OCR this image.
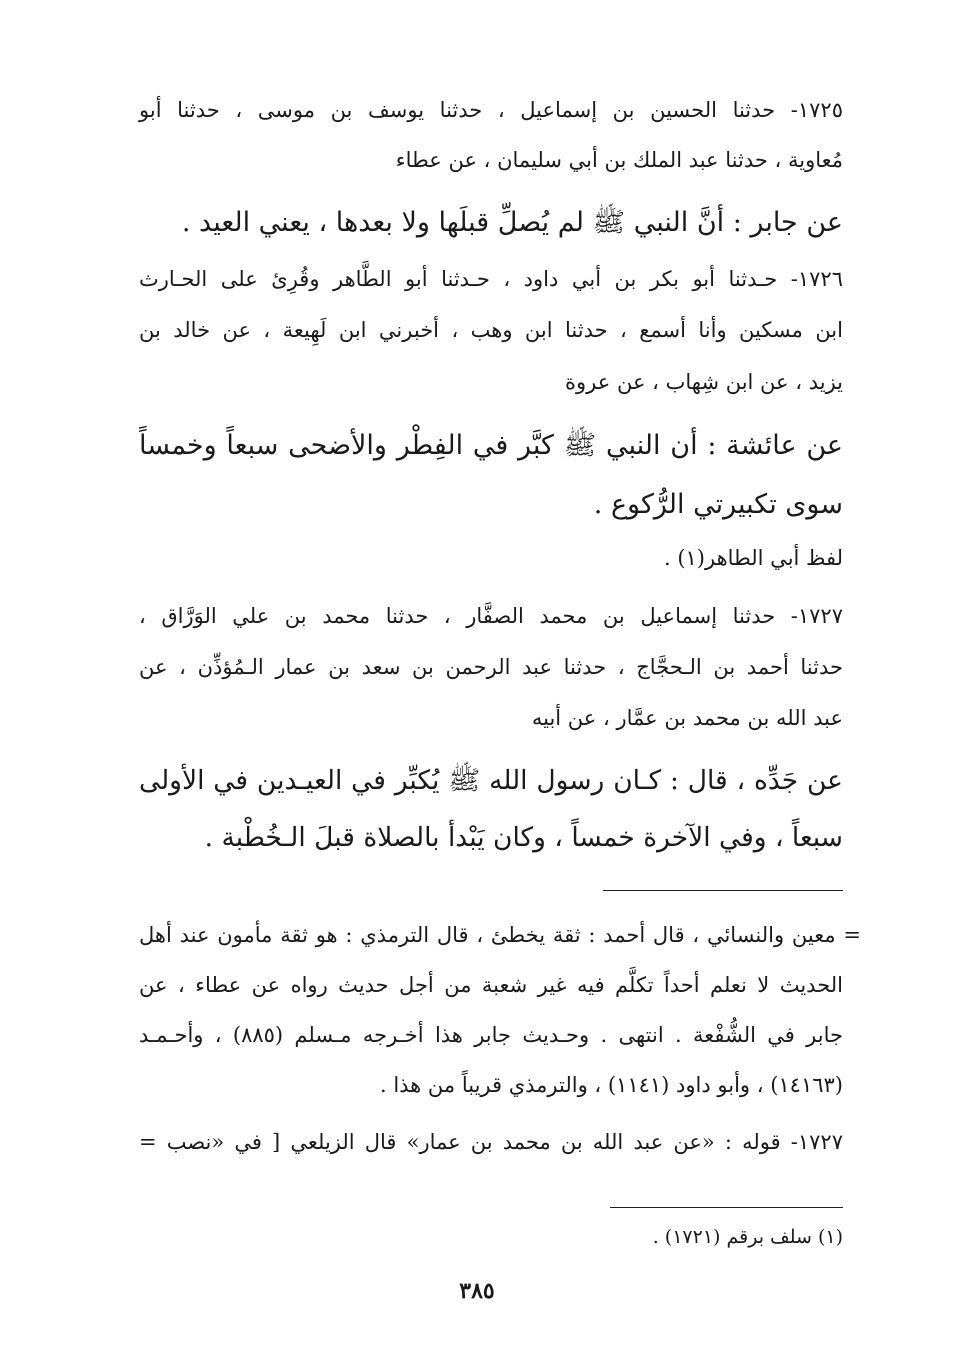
١٧٢٥- حدثنا الحسين بن إسماعيل ، حدثنا يوسف بن موسى ، حدثنا أبو
مُعاوية ، حدثنا عبد الملك بن أبي سليمان ، عن عطاء
عن جابر : أنَّ النبي ﷺ لم يُصلِّ قبلَها ولا بعدها ، يعني العيد .
١٧٢٦- حـدثنا أبو بكر بن أبي داود ، حـدثنا أبو الطَّاهر وقُرِئ على الحـارث
ابن مسكين وأنا أسمع ، حدثنا ابن وهب ، أخبرني ابن لَهِيعة ، عن خالد بن
يزيد ، عن ابن شِهاب ، عن عروة
عن عائشة : أن النبي ﷺ كبَّر في الفِطْر والأضحى سبعاً وخمساً
سوى تكبيرتي الرُّكوع .
لفظ أبي الطاهر(١) .
١٧٢٧- حدثنا إسماعيل بن محمد الصفَّار ، حدثنا محمد بن علي الوَرَّاق ،
حدثنا أحمد بن الـحجَّاج ، حدثنا عبد الرحمن بن سعد بن عمار الـمُؤذِّن ، عن
عبد الله بن محمد بن عمَّار ، عن أبيه
عن جَدِّه ، قال : كـان رسول الله ﷺ يُكبِّر في العيـدين في الأولى
سبعاً ، وفي الآخرة خمساً ، وكان يَبْدأ بالصلاة قبلَ الـخُطْبة .
= معين والنسائي ، قال أحمد : ثقة يخطئ ، قال الترمذي : هو ثقة مأمون عند أهل
الحديث لا نعلم أحداً تكلَّم فيه غير شعبة من أجل حديث رواه عن عطاء ، عن
جابر في الشُّفْعة . انتهى . وحـديث جابر هذا أخـرجه مـسلم (٨٨٥) ، وأحـمـد
(١٤١٦٣) ، وأبو داود (١١٤١) ، والترمذي قريباً من هذا .
١٧٢٧- قوله : «عن عبد الله بن محمد بن عمار» قال الزيلعي [ في «نصب =
(١) سلف برقم (١٧٢١) .
٣٨٥
